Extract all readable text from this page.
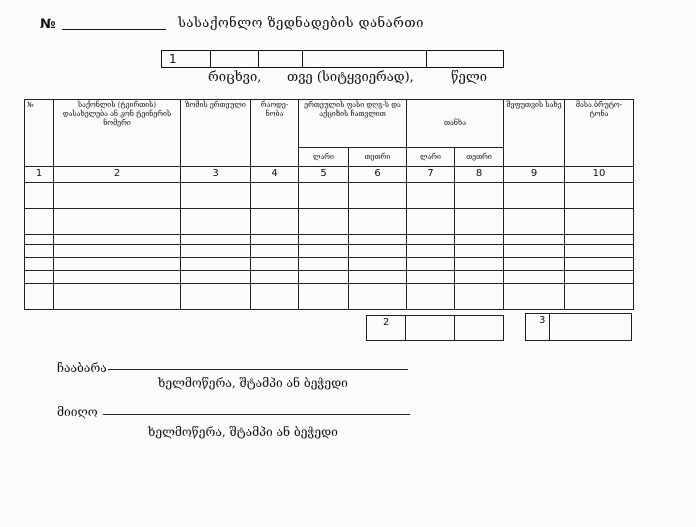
№	სასაქონლო ზედნადების დანართი
1
რიცხვი, თვე (სიტყვიერად),	წელი
№	საქონლის (ტვირთის) დასახელება ან კონ ტეინერის ნომერი	ზომის ერთეული	რაოდე-ნობა	ერთეულის ფასი დღგ-ს და აქციზის ჩათვლით		თანხა		შეფუთვის სახე	მასა ბრუტო-ტონა
				ლარი	თეთრი	ლარი	თეთრი		
1	2	3	4	5	6	7	8	9	10

2	3
ჩააბარა
ხელმოწერა, შტამპი ან ბეჭედი
მიიღო
ხელმოწერა, შტამპი ან ბეჭედი
